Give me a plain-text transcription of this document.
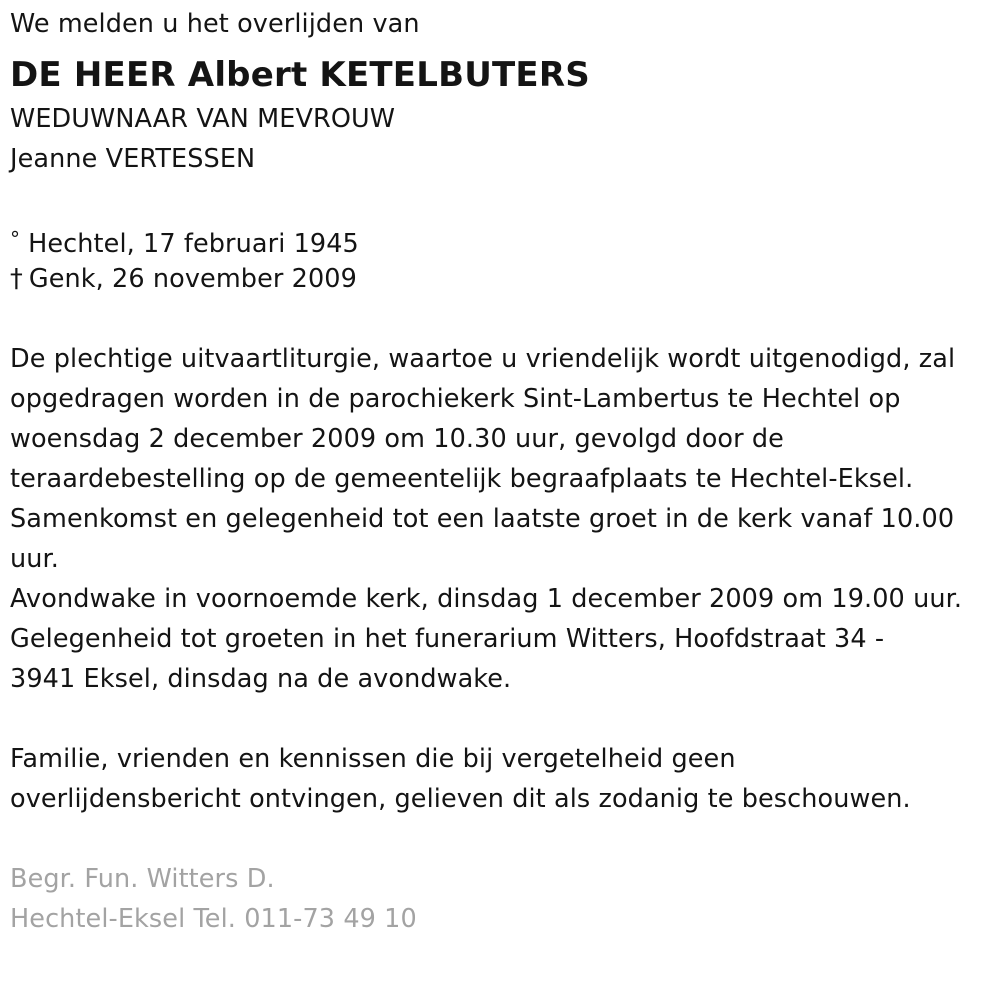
We melden u het overlijden van
DE HEER Albert KETELBUTERS
WEDUWNAAR VAN MEVROUW
Jeanne VERTESSEN
° Hechtel, 17 februari 1945
† Genk, 26 november 2009
De plechtige uitvaartliturgie, waartoe u vriendelijk wordt uitgenodigd, zal
opgedragen worden in de parochiekerk Sint-Lambertus te Hechtel op
woensdag 2 december 2009 om 10.30 uur, gevolgd door de
teraardebestelling op de gemeentelijk begraafplaats te Hechtel-Eksel.
Samenkomst en gelegenheid tot een laatste groet in de kerk vanaf 10.00
uur.
Avondwake in voornoemde kerk, dinsdag 1 december 2009 om 19.00 uur.
Gelegenheid tot groeten in het funerarium Witters, Hoofdstraat 34 -
3941 Eksel, dinsdag na de avondwake.
Familie, vrienden en kennissen die bij vergetelheid geen
overlijdensbericht ontvingen, gelieven dit als zodanig te beschouwen.
Begr. Fun. Witters D.
Hechtel-Eksel Tel. 011-73 49 10
